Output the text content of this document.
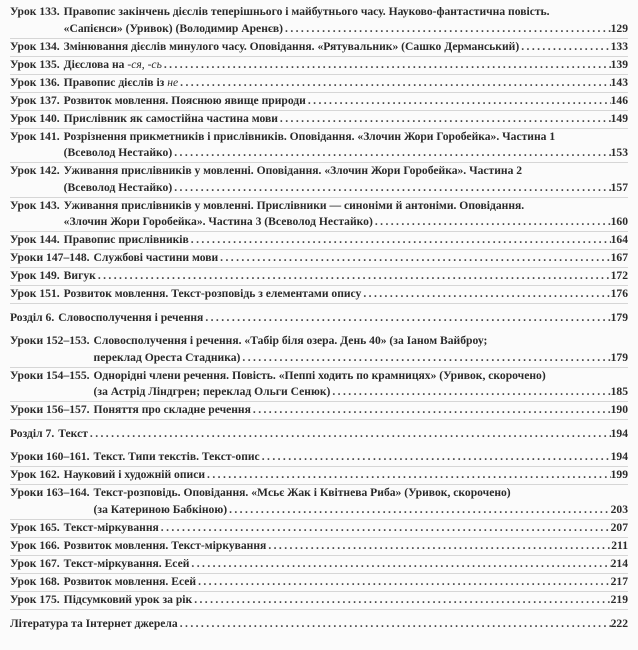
Урок 133. Правопис закінчень дієслів теперішнього і майбутнього часу. Науково-фантастична повість.
«Сапієнси» (Уривок) (Володимир Аренєв) . . .	129
Урок 134. Змінювання дієслів минулого часу. Оповідання. «Рятувальник» (Сашко Дерманський) . . .	133
Урок 135. Дієслова на -ся, -сь . . .	139
Урок 136. Правопис дієслів із не . . .	143
Урок 137. Розвиток мовлення. Пояснюю явище природи . . .	146
Урок 140. Прислівник як самостійна частина мови . . .	149
Урок 141. Розрізнення прикметників і прислівників. Оповідання. «Злочин Жори Горобейка». Частина 1
(Всеволод Нестайко) . . .	153
Урок 142. Уживання прислівників у мовленні. Оповідання. «Злочин Жори Горобейка». Частина 2
(Всеволод Нестайко) . . .	157
Урок 143. Уживання прислівників у мовленні. Прислівники — синоніми й антоніми. Оповідання.
«Злочин Жори Горобейка». Частина 3 (Всеволод Нестайко) . . .	160
Урок 144. Правопис прислівників . . .	164
Уроки 147–148. Службові частини мови . . .	167
Урок 149. Вигук . . .	172
Урок 151. Розвиток мовлення. Текст-розповідь з елементами опису . . .	176
Розділ 6. Словосполучення і речення . . .	179
Уроки 152–153. Словосполучення і речення. «Табір біля озера. День 40» (за Іаном Вайброу;
переклад Ореста Стадника) . . .	179
Уроки 154–155. Однорідні члени речення. Повість. «Пеппі ходить по крамницях» (Уривок, скорочено)
(за Астрід Ліндгрен; переклад Ольги Сенюк) . . .	185
Уроки 156–157. Поняття про складне речення . . .	190
Розділ 7. Текст . . .	194
Уроки 160–161. Текст. Типи текстів. Текст-опис . . .	194
Урок 162. Науковий і художній описи . . .	199
Уроки 163–164. Текст-розповідь. Оповідання. «Мсьє Жак і Квітнева Риба» (Уривок, скорочено)
(за Катериною Бабкіною) . . .	203
Урок 165. Текст-міркування . . .	207
Урок 166. Розвиток мовлення. Текст-міркування . . .	211
Урок 167. Текст-міркування. Есей . . .	214
Урок 168. Розвиток мовлення. Есей . . .	217
Урок 175. Підсумковий урок за рік . . .	219
Література та Інтернет джерела . . .	222
